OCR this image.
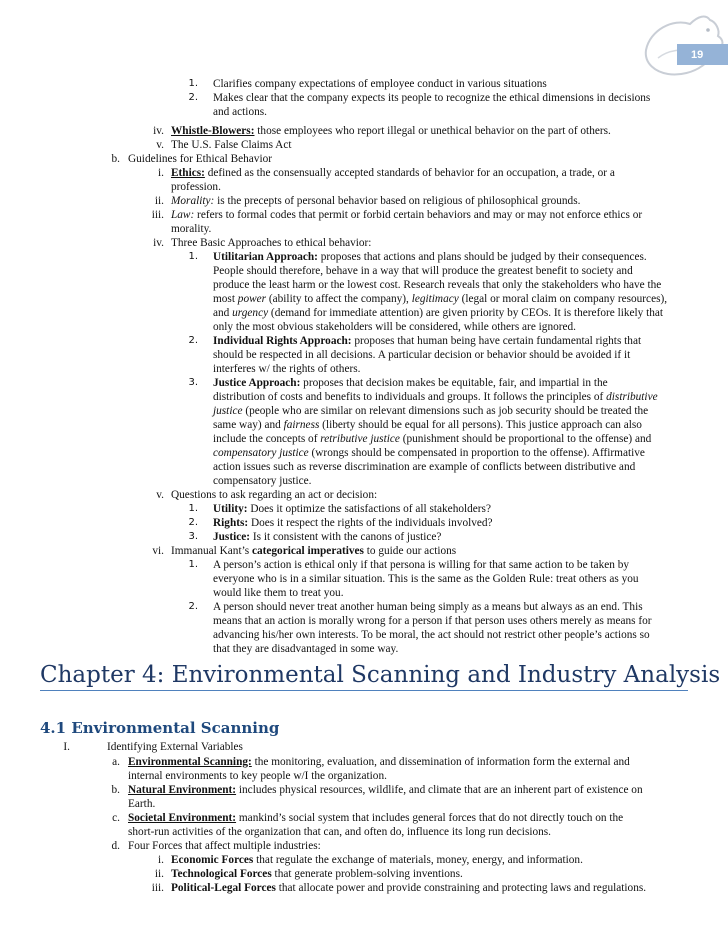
19
1. Clarifies company expectations of employee conduct in various situations
2. Makes clear that the company expects its people to recognize the ethical dimensions in decisions
and actions.
iv. Whistle-Blowers: those employees who report illegal or unethical behavior on the part of others.
v. The U.S. False Claims Act
b. Guidelines for Ethical Behavior
i. Ethics: defined as the consensually accepted standards of behavior for an occupation, a trade, or a
profession.
ii. Morality: is the precepts of personal behavior based on religious of philosophical grounds.
iii. Law: refers to formal codes that permit or forbid certain behaviors and may or may not enforce ethics or
morality.
iv. Three Basic Approaches to ethical behavior:
1. Utilitarian Approach: proposes that actions and plans should be judged by their consequences.
People should therefore, behave in a way that will produce the greatest benefit to society and
produce the least harm or the lowest cost. Research reveals that only the stakeholders who have the
most power (ability to affect the company), legitimacy (legal or moral claim on company resources),
and urgency (demand for immediate attention) are given priority by CEOs. It is therefore likely that
only the most obvious stakeholders will be considered, while others are ignored.
2. Individual Rights Approach: proposes that human being have certain fundamental rights that
should be respected in all decisions. A particular decision or behavior should be avoided if it
interferes w/ the rights of others.
3. Justice Approach: proposes that decision makes be equitable, fair, and impartial in the
distribution of costs and benefits to individuals and groups. It follows the principles of distributive
justice (people who are similar on relevant dimensions such as job security should be treated the
same way) and fairness (liberty should be equal for all persons). This justice approach can also
include the concepts of retributive justice (punishment should be proportional to the offense) and
compensatory justice (wrongs should be compensated in proportion to the offense). Affirmative
action issues such as reverse discrimination are example of conflicts between distributive and
compensatory justice.
v. Questions to ask regarding an act or decision:
1. Utility: Does it optimize the satisfactions of all stakeholders?
2. Rights: Does it respect the rights of the individuals involved?
3. Justice: Is it consistent with the canons of justice?
vi. Immanual Kant’s categorical imperatives to guide our actions
1. A person’s action is ethical only if that persona is willing for that same action to be taken by
everyone who is in a similar situation. This is the same as the Golden Rule: treat others as you
would like them to treat you.
2. A person should never treat another human being simply as a means but always as an end. This
means that an action is morally wrong for a person if that person uses others merely as means for
advancing his/her own interests. To be moral, the act should not restrict other people’s actions so
that they are disadvantaged in some way.
Chapter 4: Environmental Scanning and Industry Analysis
4.1 Environmental Scanning
I.	Identifying External Variables
a. Environmental Scanning: the monitoring, evaluation, and dissemination of information form the external and
internal environments to key people w/I the organization.
b. Natural Environment: includes physical resources, wildlife, and climate that are an inherent part of existence on
Earth.
c. Societal Environment: mankind’s social system that includes general forces that do not directly touch on the
short-run activities of the organization that can, and often do, influence its long run decisions.
d. Four Forces that affect multiple industries:
i. Economic Forces that regulate the exchange of materials, money, energy, and information.
ii. Technological Forces that generate problem-solving inventions.
iii. Political-Legal Forces that allocate power and provide constraining and protecting laws and regulations.
